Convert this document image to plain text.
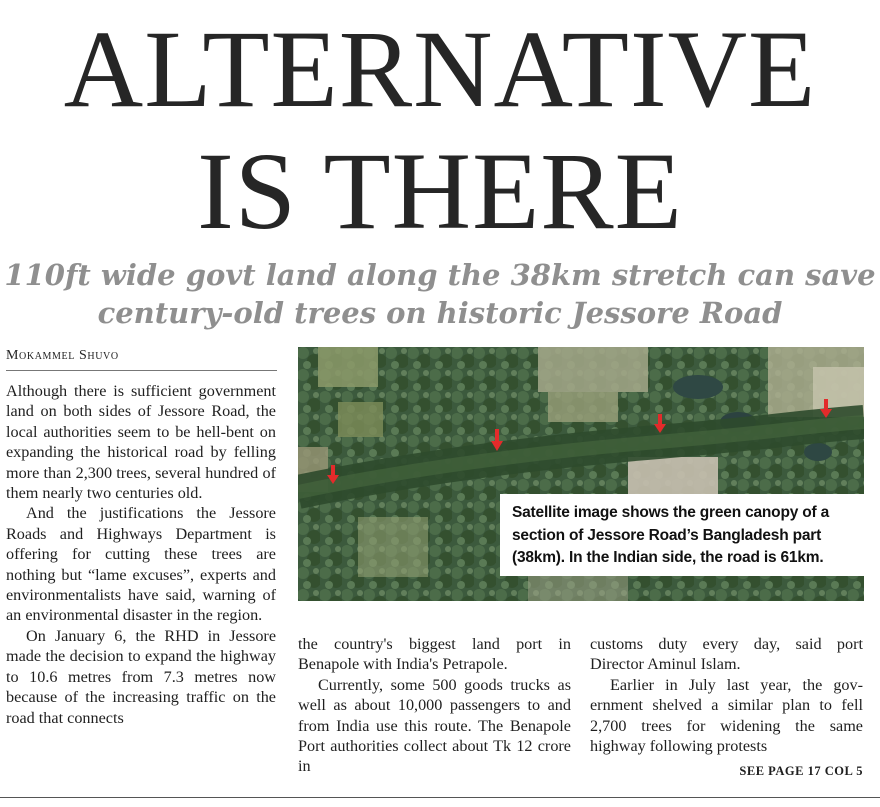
ALTERNATIVE
IS THERE
110ft wide govt land along the 38km stretch can save
century-old trees on historic Jessore Road
Mokammel Shuvo

Although there is sufficient government land on both sides of Jessore Road, the local authorities seem to be hell-bent on expanding the historical road by felling more than 2,300 trees, several hundred of them nearly two centuries old.

And the justifications the Jessore Roads and Highways Department is offering for cutting these trees are nothing but “lame excuses”, experts and environmentalists have said, warning of an environmental disaster in the region.

On January 6, the RHD in Jessore made the decision to expand the highway to 10.6 metres from 7.3 metres now because of the increasing traffic on the road that connects

Satellite image shows the green canopy of a section of Jessore Road’s Bangladesh part (38km). In the Indian side, the road is 61km.

the country's biggest land port in Benapole with India's Petrapole.

Currently, some 500 goods trucks as well as about 10,000 passengers to and from India use this route. The Benapole Port authorities collect about Tk 12 crore in

customs duty every day, said port Director Aminul Islam.

Earlier in July last year, the government shelved a similar plan to fell 2,700 trees for widening the same highway following protests

SEE PAGE 17 COL 5
